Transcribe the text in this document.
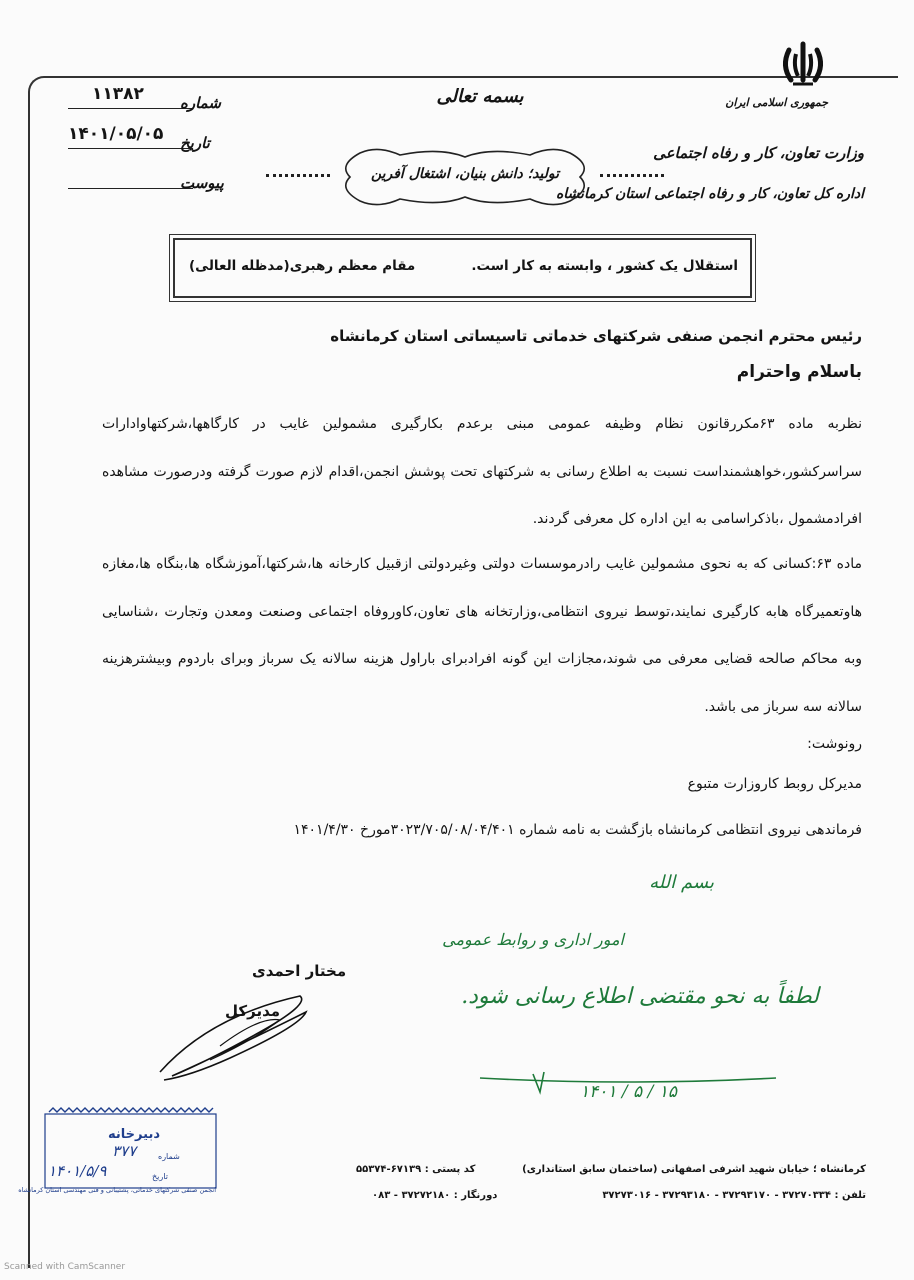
جمهوری اسلامی ایران
وزارت تعاون، کار و رفاه اجتماعی
اداره کل تعاون، کار و رفاه اجتماعی استان کرمانشاه
۱۱۳۸۲ شماره
۱۴۰۱/۰۵/۰۵ تاریخ
پیوست
بسمه تعالی
تولید؛ دانش بنیان، اشتغال آفرین
استقلال یک کشور ، وابسته به کار است.
مقام معظم رهبری(مدظله العالی)
رئیس محترم انجمن صنفی شرکتهای خدماتی تاسیساتی استان کرمانشاه
باسلام واحترام
نظربه ماده ۶۳مکررقانون نظام وظیفه عمومی مبنی برعدم بکارگیری مشمولین غایب در کارگاهها،شرکتهاوادارات سراسرکشور،خواهشمنداست نسبت به اطلاع رسانی به شرکتهای تحت پوشش انجمن،اقدام لازم صورت گرفته ودرصورت مشاهده افرادمشمول ،باذکراسامی به این اداره کل معرفی گردند.
ماده ۶۳:کسانی که به نحوی مشمولین غایب رادرموسسات دولتی وغیردولتی ازقبیل کارخانه ها،شرکتها،آموزشگاه ها،بنگاه ها،مغازه هاوتعمیرگاه هابه کارگیری نمایند،توسط نیروی انتظامی،وزارتخانه های تعاون،کاوروفاه اجتماعی وصنعت ومعدن وتجارت ،شناسایی وبه محاکم صالحه قضایی معرفی می شوند،مجازات این گونه افرادبرای باراول هزینه سالانه یک سرباز وبرای باردوم وبیشترهزینه سالانه سه سرباز می باشد.
رونوشت:
مدیرکل روبط کاروزارت متبوع
فرماندهی نیروی انتظامی کرمانشاه بازگشت به نامه شماره ۳۰۲۳/۷۰۵/۰۸/۰۴/۴۰۱مورخ ۱۴۰۱/۴/۳۰
بسم الله
امور اداری و روابط عمومی
لطفاً به نحو مقتضی اطلاع رسانی شود.
۱۴۰۱ / ۵ / ۱۵
مختار احمدی
مدیرکل
دبیرخانه
شماره
۳۷۷
تاریخ
۱۴۰۱/۵/۹
انجمن صنفی شرکتهای خدماتی، پشتیبانی و فنی مهندسی استان کرمانشاه
کرمانشاه ؛ خیابان شهید اشرفی اصفهانی (ساختمان سابق استانداری)
کد پستی : ۶۷۱۳۹-۵۵۳۷۴
تلفن : ۳۷۲۷۰۳۳۴ - ۳۷۲۹۳۱۷۰ - ۳۷۲۹۳۱۸۰ - ۳۷۲۷۳۰۱۶
دورنگار : ۳۷۲۷۲۱۸۰ - ۰۸۳
Scanned with CamScanner
